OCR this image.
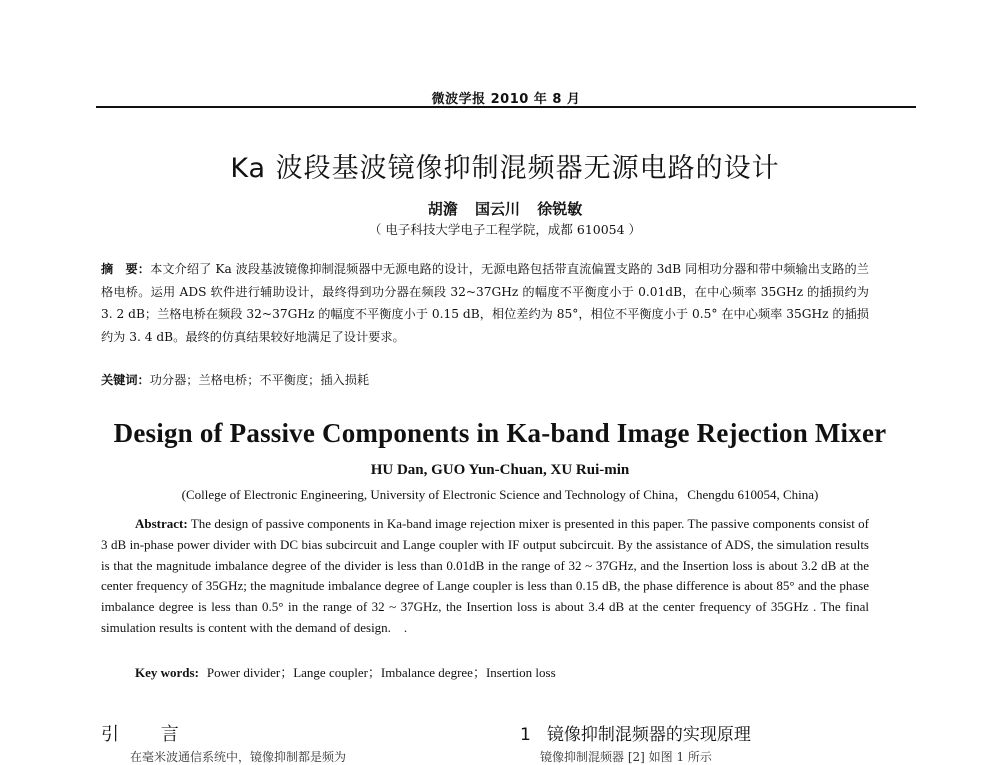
微波学报 2010 年 8 月
Ka 波段基波镜像抑制混频器无源电路的设计
胡澹 国云川 徐锐敏
（ 电子科技大学电子工程学院，成都 610054 ）
摘　要：本文介绍了 Ka 波段基波镜像抑制混频器中无源电路的设计，无源电路包括带直流偏置支路的 3dB 同相功分器和带中频输出支路的兰格电桥。运用 ADS 软件进行辅助设计，最终得到功分器在频段 32~37GHz 的幅度不平衡度小于 0.01dB，在中心频率 35GHz 的插损约为 3. 2 dB；兰格电桥在频段 32~37GHz 的幅度不平衡度小于 0.15 dB，相位差约为 85°，相位不平衡度小于 0.5° 在中心频率 35GHz 的插损约为 3. 4 dB。最终的仿真结果较好地满足了设计要求。
关键词：功分器；兰格电桥；不平衡度；插入损耗
Design of Passive Components in Ka-band Image Rejection Mixer
HU Dan, GUO Yun-Chuan, XU Rui-min
(College of Electronic Engineering, University of Electronic Science and Technology of China，Chengdu 610054, China)
Abstract: The design of passive components in Ka-band image rejection mixer is presented in this paper. The passive components consist of 3 dB in-phase power divider with DC bias subcircuit and Lange coupler with IF output subcircuit. By the assistance of ADS, the simulation results is that the magnitude imbalance degree of the divider is less than 0.01dB in the range of 32 ~ 37GHz, and the Insertion loss is about 3.2 dB at the center frequency of 35GHz; the magnitude imbalance degree of Lange coupler is less than 0.15 dB, the phase difference is about 85° and the phase imbalance degree is less than 0.5° in the range of 32 ~ 37GHz, the Insertion loss is about 3.4 dB at the center frequency of 35GHz . The final simulation results is content with the demand of design.　.
Key words: Power divider；Lange coupler；Imbalance degree；Insertion loss
引 言	1 镜像抑制混频器的实现原理
在毫米波通信系统中，镜像抑制都是频为	镜像抑制混频器 [2] 如图 1 所示
